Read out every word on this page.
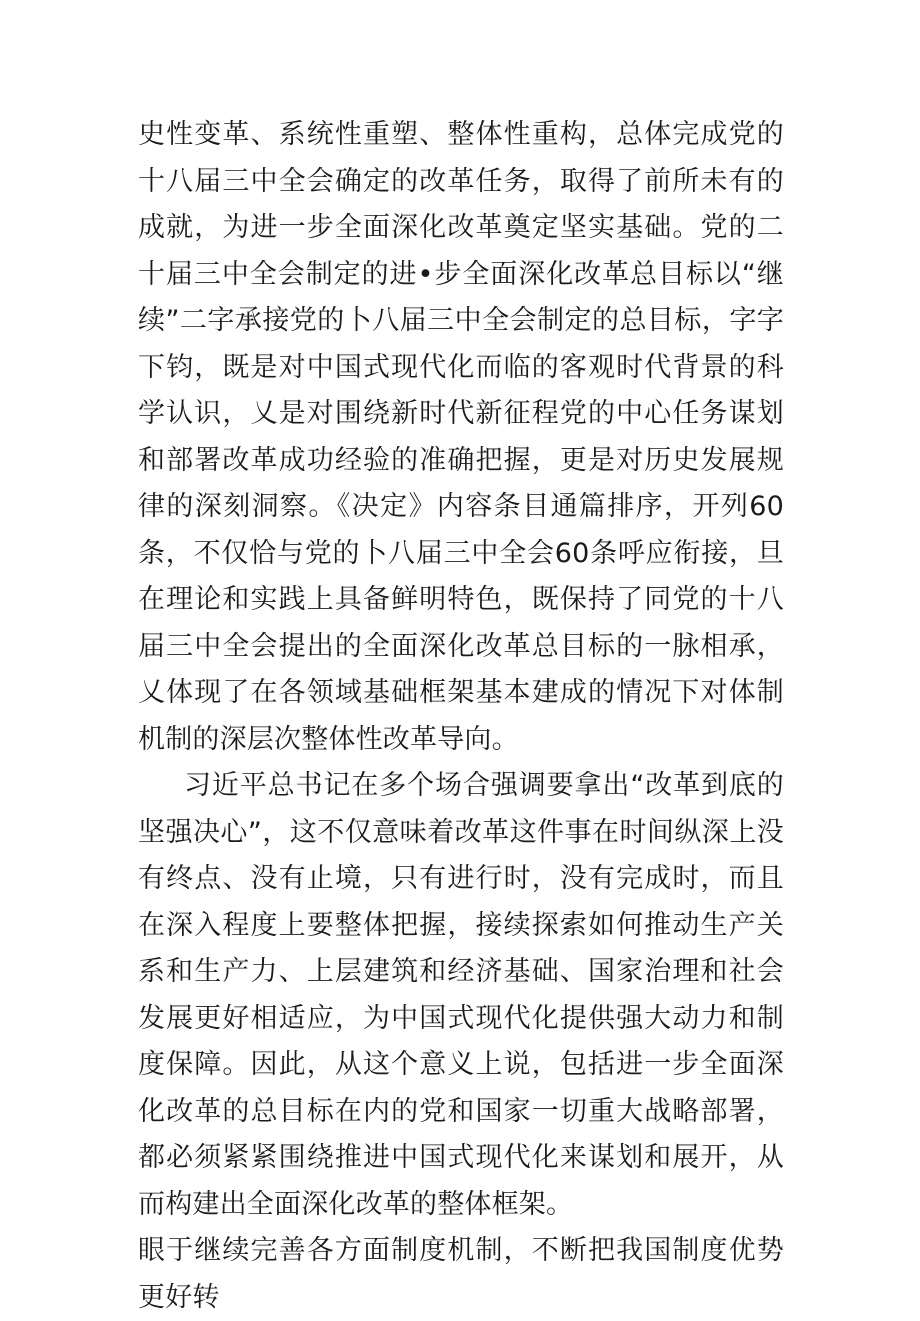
史性变革、系统性重塑、整体性重构，总体完成党的十八届三中全会确定的改革任务，取得了前所未有的成就，为进一步全面深化改革奠定坚实基础。党的二十届三中全会制定的进•步全面深化改革总目标以“继续”二字承接党的卜八届三中全会制定的总目标，字字下钧，既是对中国式现代化而临的客观时代背景的科学认识，乂是对围绕新时代新征程党的中心任务谋划和部署改革成功经验的准确把握，更是对历史发展规律的深刻洞察。《决定》内容条目通篇排序，开列60条，不仅恰与党的卜八届三中全会60条呼应衔接，旦在理论和实践上具备鲜明特色，既保持了同党的十八届三中全会提出的全面深化改革总目标的一脉相承，乂体现了在各领域基础框架基本建成的情况下对体制机制的深层次整体性改革导向。

习近平总书记在多个场合强调要拿出“改革到底的坚强决心”，这不仅意味着改革这件事在时间纵深上没有终点、没有止境，只有进行时，没有完成时，而且在深入程度上要整体把握，接续探索如何推动生产关系和生产力、上层建筑和经济基础、国家治理和社会发展更好相适应，为中国式现代化提供强大动力和制度保障。因此，从这个意义上说，包括进一步全面深化改革的总目标在内的党和国家一切重大战略部署，都必须紧紧围绕推进中国式现代化来谋划和展开，从而构建出全面深化改革的整体框架。

眼于继续完善各方面制度机制，不断把我国制度优势更好转
